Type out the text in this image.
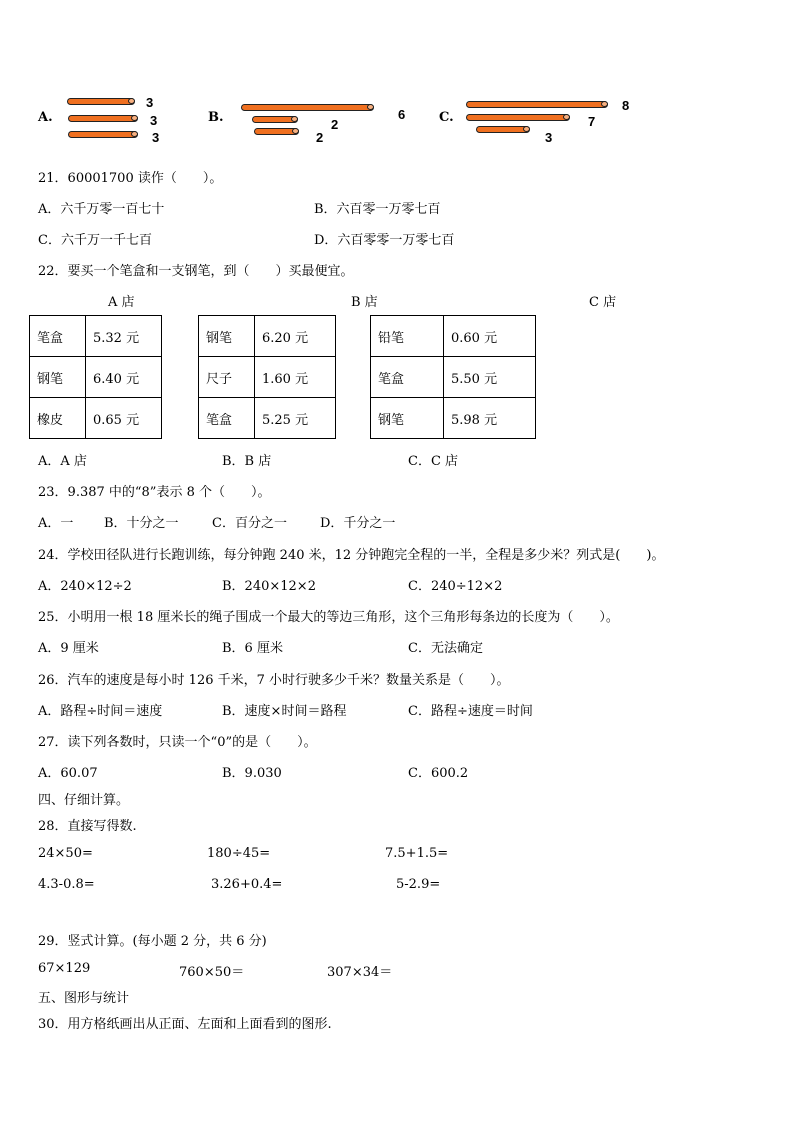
A.
3
3
3
B.	6
2
2
C.
8
7
3
21．60001700 读作（　　）。
A．六千万零一百七十	B．六百零一万零七百
C．六千万一千七百	D．六百零零一万零七百
22．要买一个笔盒和一支钢笔，到（　　）买最便宜。
A 店	B 店	C 店
笔盒	5.32 元
钢笔	6.40 元
橡皮	0.65 元
钢笔	6.20 元
尺子	1.60 元
笔盒	5.25 元
铅笔	0.60 元
笔盒	5.50 元
钢笔	5.98 元
A．A 店	B．B 店	C．C 店
23．9.387 中的“8”表示 8 个（　　）。
A．一 B．十分之一	C．百分之一	D．千分之一
24．学校田径队进行长跑训练，每分钟跑 240 米，12 分钟跑完全程的一半，全程是多少米？列式是(　　)。
A．240×12÷2	B．240×12×2	C．240÷12×2
25．小明用一根 18 厘米长的绳子围成一个最大的等边三角形，这个三角形每条边的长度为（　　）。
A．9 厘米	B．6 厘米	C．无法确定
26．汽车的速度是每小时 126 千米，7 小时行驶多少千米？数量关系是（　　）。
A．路程÷时间＝速度	B．速度×时间＝路程	C．路程÷速度＝时间
27．读下列各数时，只读一个“0”的是（　　）。
A．60.07	B．9.030	C．600.2
四、仔细计算。
28．直接写得数.
24×50=	180÷45=	7.5+1.5=
4.3-0.8=	3.26+0.4=	5-2.9=
29．竖式计算。(每小题 2 分，共 6 分)
67×129	760×50＝	307×34＝
五、图形与统计
30．用方格纸画出从正面、左面和上面看到的图形.
